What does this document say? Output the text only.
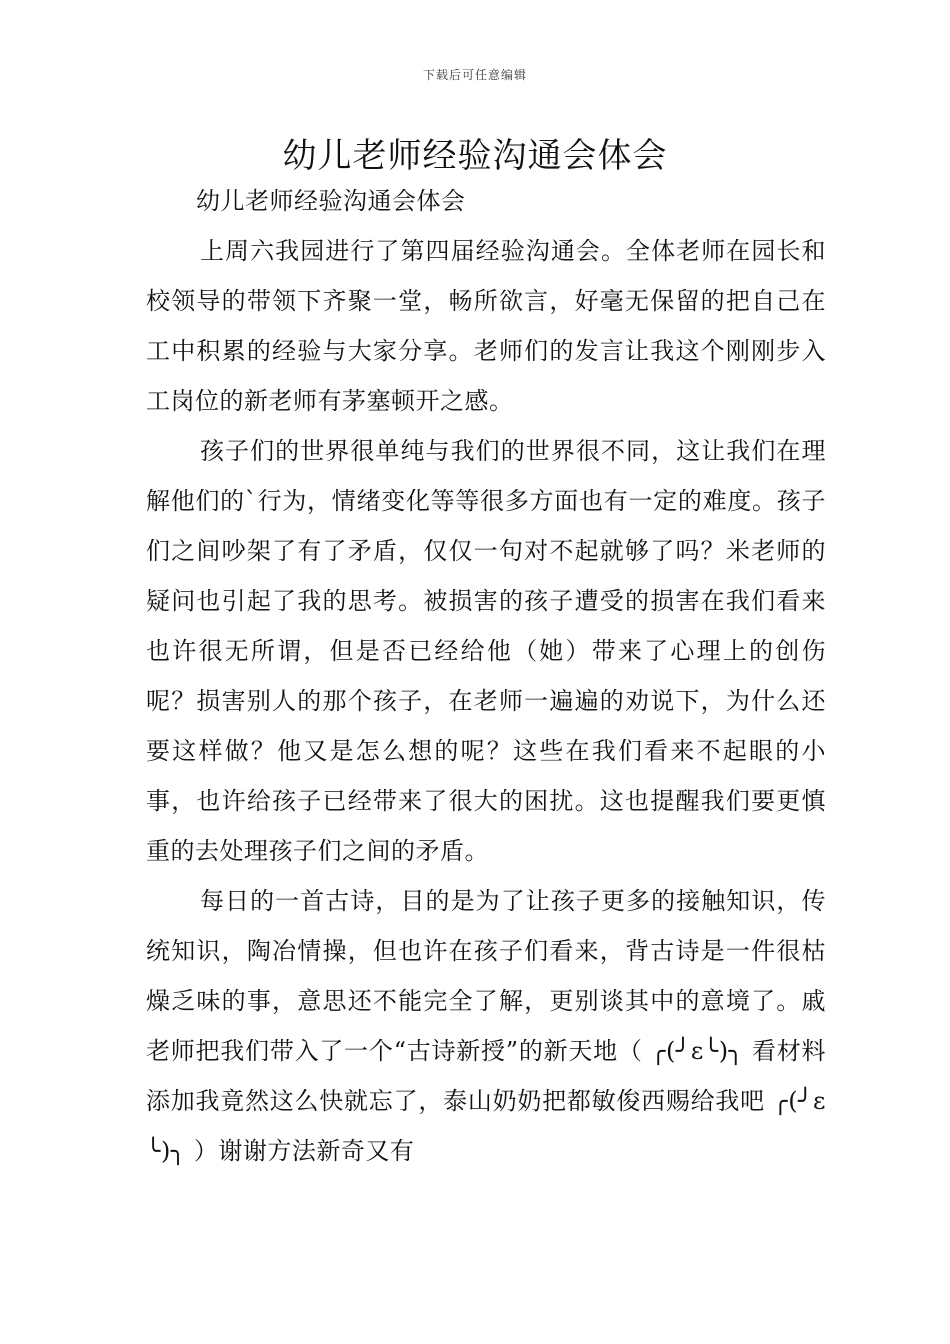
下载后可任意编辑
幼儿老师经验沟通会体会

幼儿老师经验沟通会体会

上周六我园进行了第四届经验沟通会。全体老师在园长和校领导的带领下齐聚一堂，畅所欲言，好毫无保留的把自己在工中积累的经验与大家分享。老师们的发言让我这个刚刚步入工岗位的新老师有茅塞顿开之感。

孩子们的世界很单纯与我们的世界很不同，这让我们在理解他们的`行为，情绪变化等等很多方面也有一定的难度。孩子们之间吵架了有了矛盾，仅仅一句对不起就够了吗？米老师的疑问也引起了我的思考。被损害的孩子遭受的损害在我们看来也许很无所谓，但是否已经给他（她）带来了心理上的创伤呢？损害别人的那个孩子，在老师一遍遍的劝说下，为什么还要这样做？他又是怎么想的呢？这些在我们看来不起眼的小事，也许给孩子已经带来了很大的困扰。这也提醒我们要更慎重的去处理孩子们之间的矛盾。

每日的一首古诗，目的是为了让孩子更多的接触知识，传统知识，陶冶情操，但也许在孩子们看来，背古诗是一件很枯燥乏味的事，意思还不能完全了解，更别谈其中的意境了。戚老师把我们带入了一个“古诗新授”的新天地（ ╭(╯ε╰)╮ 看材料添加我竟然这么快就忘了，泰山奶奶把都敏俊西赐给我吧 ╭(╯ε╰)╮ ）谢谢方法新奇又有
